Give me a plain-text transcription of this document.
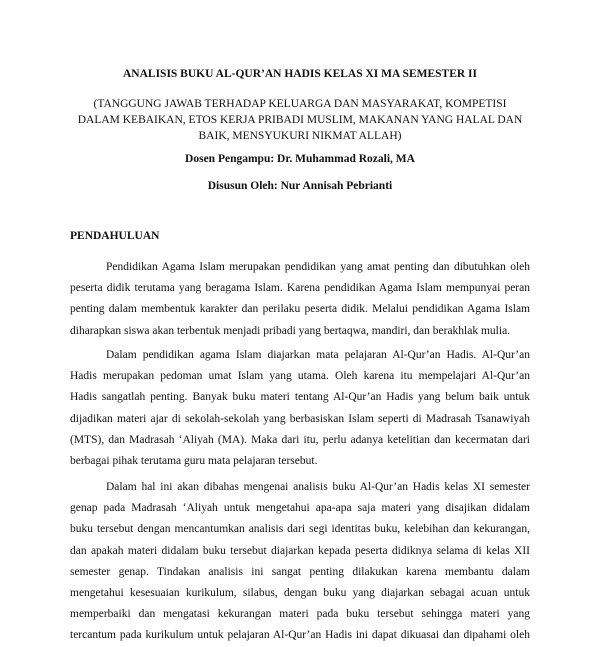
ANALISIS BUKU AL-QUR’AN HADIS KELAS XI MA SEMESTER II
(TANGGUNG JAWAB TERHADAP KELUARGA DAN MASYARAKAT, KOMPETISI
DALAM KEBAIKAN, ETOS KERJA PRIBADI MUSLIM, MAKANAN YANG HALAL DAN
BAIK, MENSYUKURI NIKMAT ALLAH)
Dosen Pengampu: Dr. Muhammad Rozali, MA
Disusun Oleh: Nur Annisah Pebrianti
PENDAHULUAN
Pendidikan Agama Islam merupakan pendidikan yang amat penting dan dibutuhkan oleh
peserta didik terutama yang beragama Islam. Karena pendidikan Agama Islam mempunyai peran
penting dalam membentuk karakter dan perilaku peserta didik. Melalui pendidikan Agama Islam
diharapkan siswa akan terbentuk menjadi pribadi yang bertaqwa, mandiri, dan berakhlak mulia.
Dalam pendidikan agama Islam diajarkan mata pelajaran Al-Qur’an Hadis. Al-Qur’an
Hadis merupakan pedoman umat Islam yang utama. Oleh karena itu mempelajari Al-Qur’an
Hadis sangatlah penting. Banyak buku materi tentang Al-Qur’an Hadis yang belum baik untuk
dijadikan materi ajar di sekolah-sekolah yang berbasiskan Islam seperti di Madrasah Tsanawiyah
(MTS), dan Madrasah ‘Aliyah (MA). Maka dari itu, perlu adanya ketelitian dan kecermatan dari
berbagai pihak terutama guru mata pelajaran tersebut.
Dalam hal ini akan dibahas mengenai analisis buku Al-Qur’an Hadis kelas XI semester
genap pada Madrasah ‘Aliyah untuk mengetahui apa-apa saja materi yang disajikan didalam
buku tersebut dengan mencantumkan analisis dari segi identitas buku, kelebihan dan kekurangan,
dan apakah materi didalam buku tersebut diajarkan kepada peserta didiknya selama di kelas XII
semester genap. Tindakan analisis ini sangat penting dilakukan karena membantu dalam
mengetahui kesesuaian kurikulum, silabus, dengan buku yang diajarkan sebagai acuan untuk
memperbaiki dan mengatasi kekurangan materi pada buku tersebut sehingga materi yang
tercantum pada kurikulum untuk pelajaran Al-Qur’an Hadis ini dapat dikuasai dan dipahami oleh
